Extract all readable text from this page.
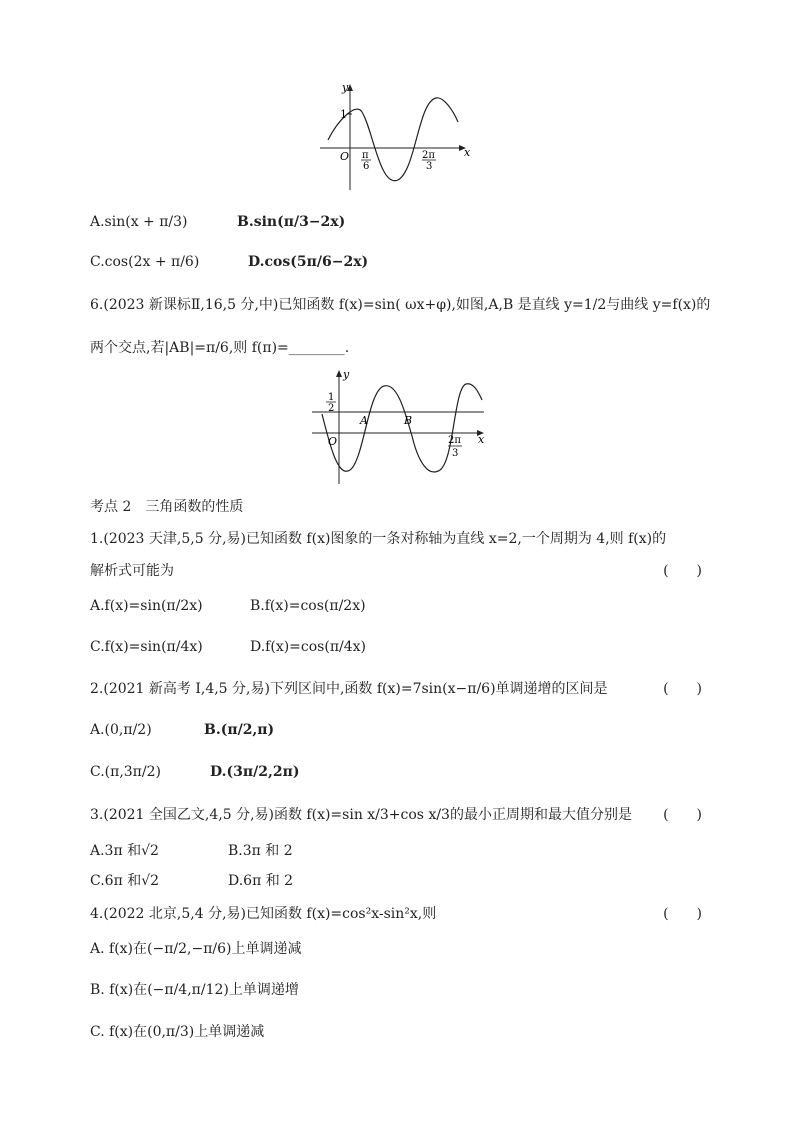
y
x
O
1
π
6
2π
3
A.sin(x + π/3)	B.sin(π/3−2x)
C.cos(2x + π/6)	D.cos(5π/6−2x)
6.(2023 新课标Ⅱ,16,5 分,中)已知函数 f(x)=sin( ωx+φ),如图,A,B 是直线 y=1/2与曲线 y=f(x)的
两个交点,若|AB|=π/6,则 f(π)=________.
y
x
O
1
2
A	B
2π
3
考点 2　三角函数的性质
1.(2023 天津,5,5 分,易)已知函数 f(x)图象的一条对称轴为直线 x=2,一个周期为 4,则 f(x)的
解析式可能为	(　　)
A.f(x)=sin(π/2x)	B.f(x)=cos(π/2x)
C.f(x)=sin(π/4x)	D.f(x)=cos(π/4x)
2.(2021 新高考 Ⅰ,4,5 分,易)下列区间中,函数 f(x)=7sin(x−π/6)单调递增的区间是	(　　)
A.(0,π/2)	B.(π/2,π)
C.(π,3π/2)	D.(3π/2,2π)
3.(2021 全国乙文,4,5 分,易)函数 f(x)=sin x/3+cos x/3的最小正周期和最大值分别是 (　　)
A.3π 和√2	B.3π 和 2
C.6π 和√2	D.6π 和 2
4.(2022 北京,5,4 分,易)已知函数 f(x)=cos²x-sin²x,则	(　　)
A. f(x)在(−π/2,−π/6)上单调递减
B. f(x)在(−π/4,π/12)上单调递增
C. f(x)在(0,π/3)上单调递减
